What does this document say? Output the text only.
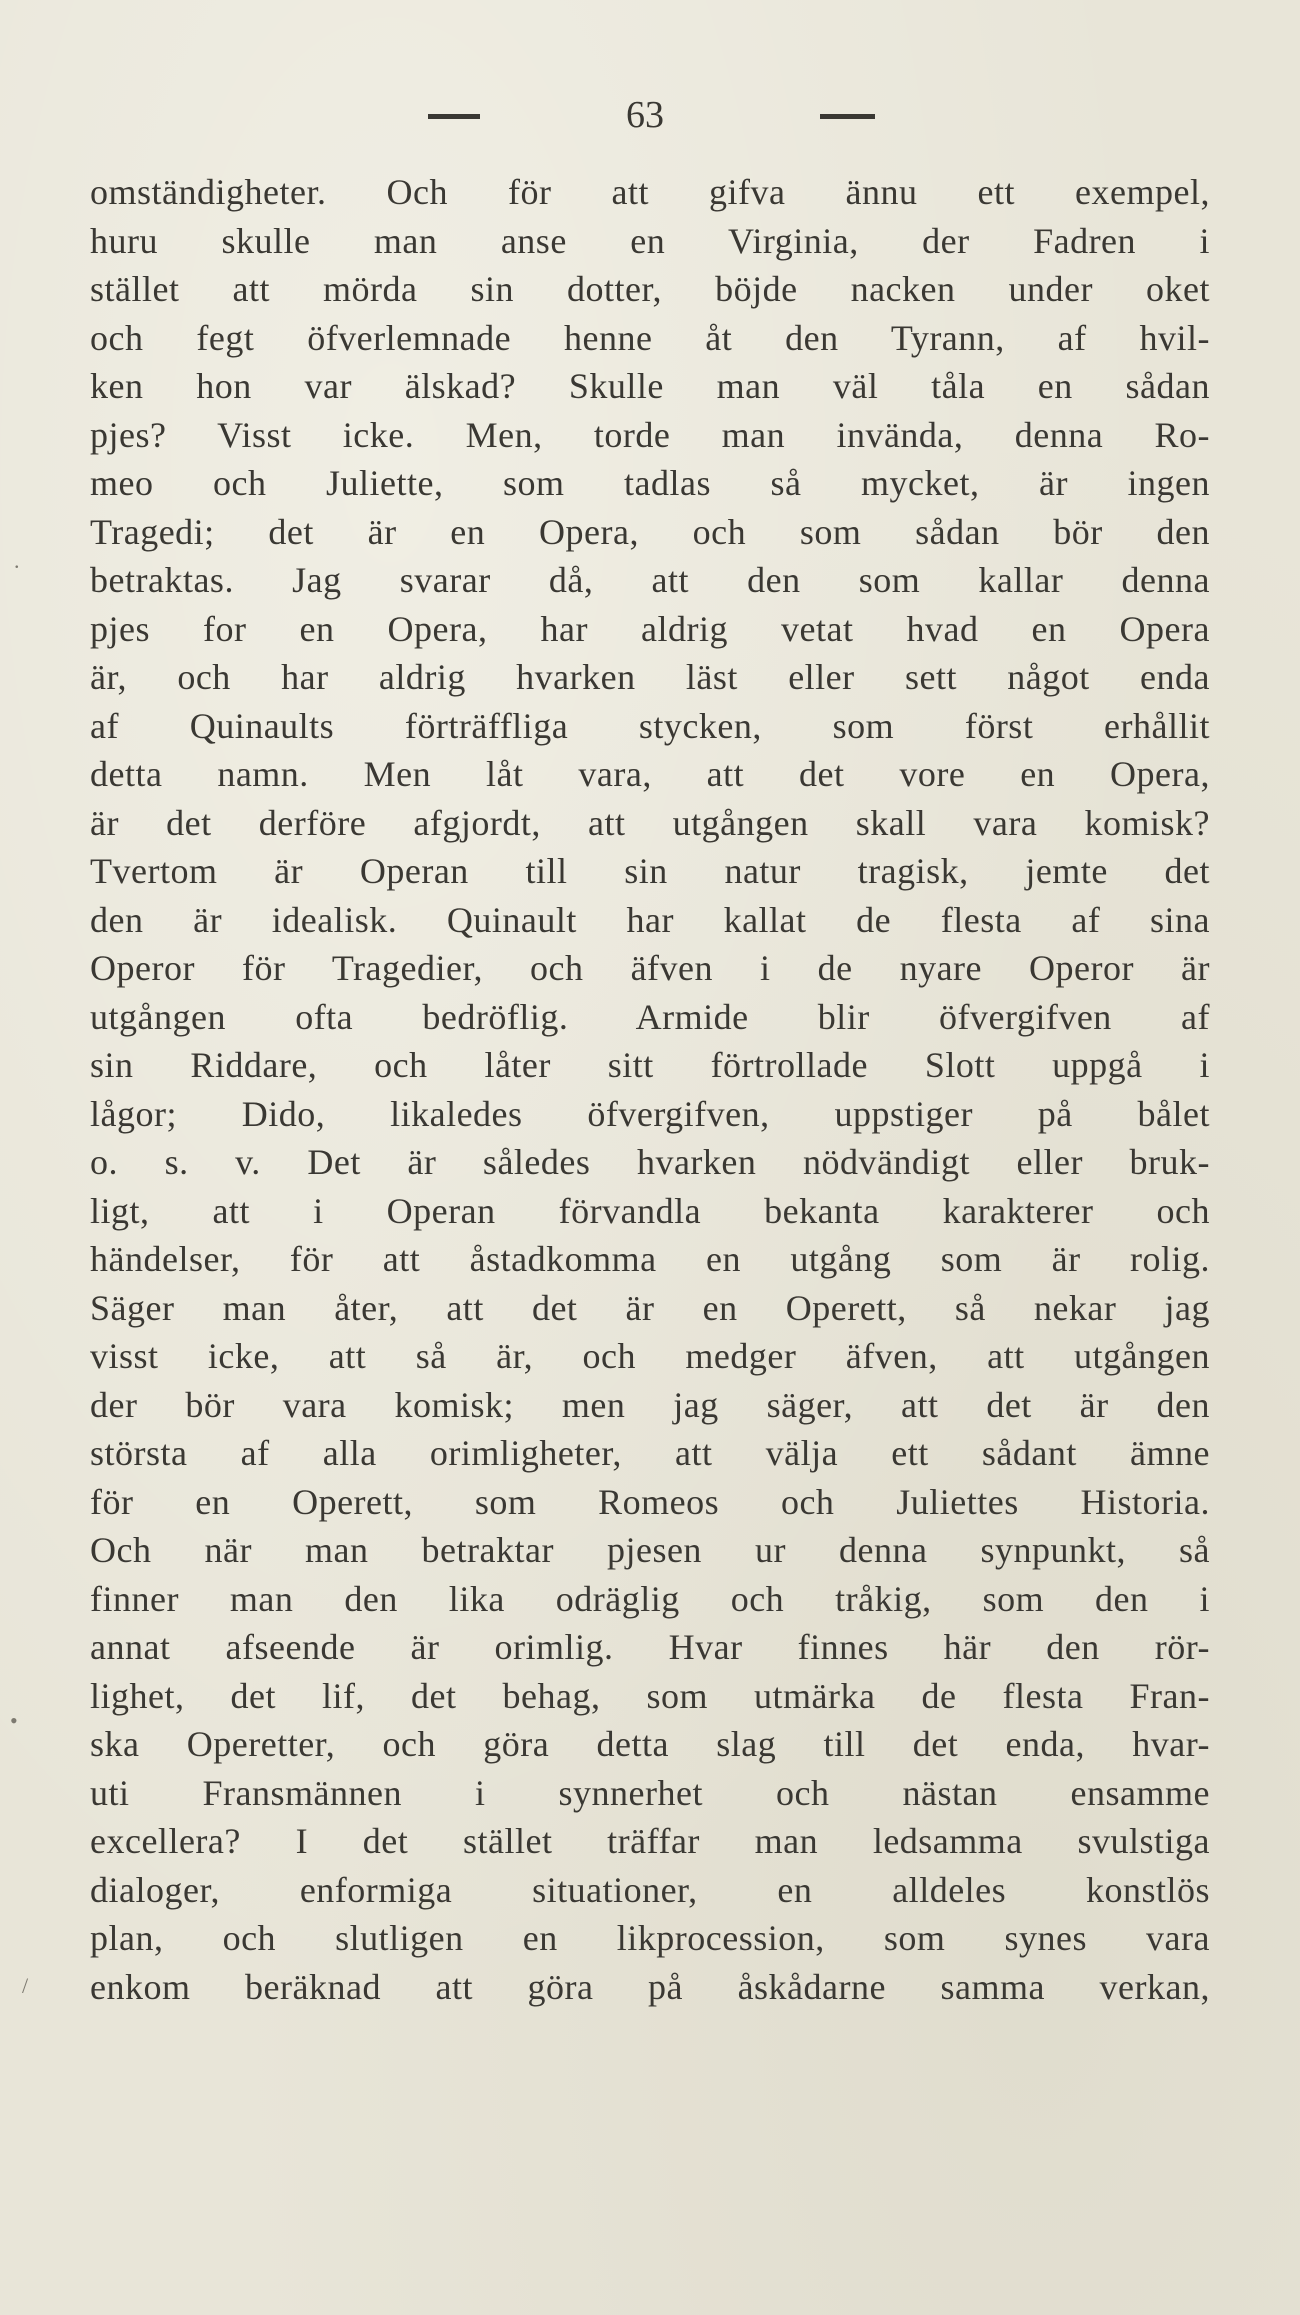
63
.
•
/
omständigheter. Och för att gifva ännu ett exempel,
huru skulle man anse en Virginia, der Fadren i
stället att mörda sin dotter, böjde nacken under oket
och fegt öfverlemnade henne åt den Tyrann, af hvil-
ken hon var älskad? Skulle man väl tåla en sådan
pjes? Visst icke. Men, torde man invända, denna Ro-
meo och Juliette, som tadlas så mycket, är ingen
Tragedi; det är en Opera, och som sådan bör den
betraktas. Jag svarar då, att den som kallar denna
pjes for en Opera, har aldrig vetat hvad en Opera
är, och har aldrig hvarken läst eller sett något enda
af Quinaults förträffliga stycken, som först erhållit
detta namn. Men låt vara, att det vore en Opera,
är det derföre afgjordt, att utgången skall vara komisk?
Tvertom är Operan till sin natur tragisk, jemte det
den är idealisk. Quinault har kallat de flesta af sina
Operor för Tragedier, och äfven i de nyare Operor är
utgången ofta bedröflig. Armide blir öfvergifven af
sin Riddare, och låter sitt förtrollade Slott uppgå i
lågor; Dido, likaledes öfvergifven, uppstiger på bålet
o. s. v. Det är således hvarken nödvändigt eller bruk-
ligt, att i Operan förvandla bekanta karakterer och
händelser, för att åstadkomma en utgång som är rolig.
Säger man åter, att det är en Operett, så nekar jag
visst icke, att så är, och medger äfven, att utgången
der bör vara komisk; men jag säger, att det är den
största af alla orimligheter, att välja ett sådant ämne
för en Operett, som Romeos och Juliettes Historia.
Och när man betraktar pjesen ur denna synpunkt, så
finner man den lika odräglig och tråkig, som den i
annat afseende är orimlig. Hvar finnes här den rör-
lighet, det lif, det behag, som utmärka de flesta Fran-
ska Operetter, och göra detta slag till det enda, hvar-
uti Fransmännen i synnerhet och nästan ensamme
excellera? I det stället träffar man ledsamma svulstiga
dialoger, enformiga situationer, en alldeles konstlös
plan, och slutligen en likprocession, som synes vara
enkom beräknad att göra på åskådarne samma verkan,
